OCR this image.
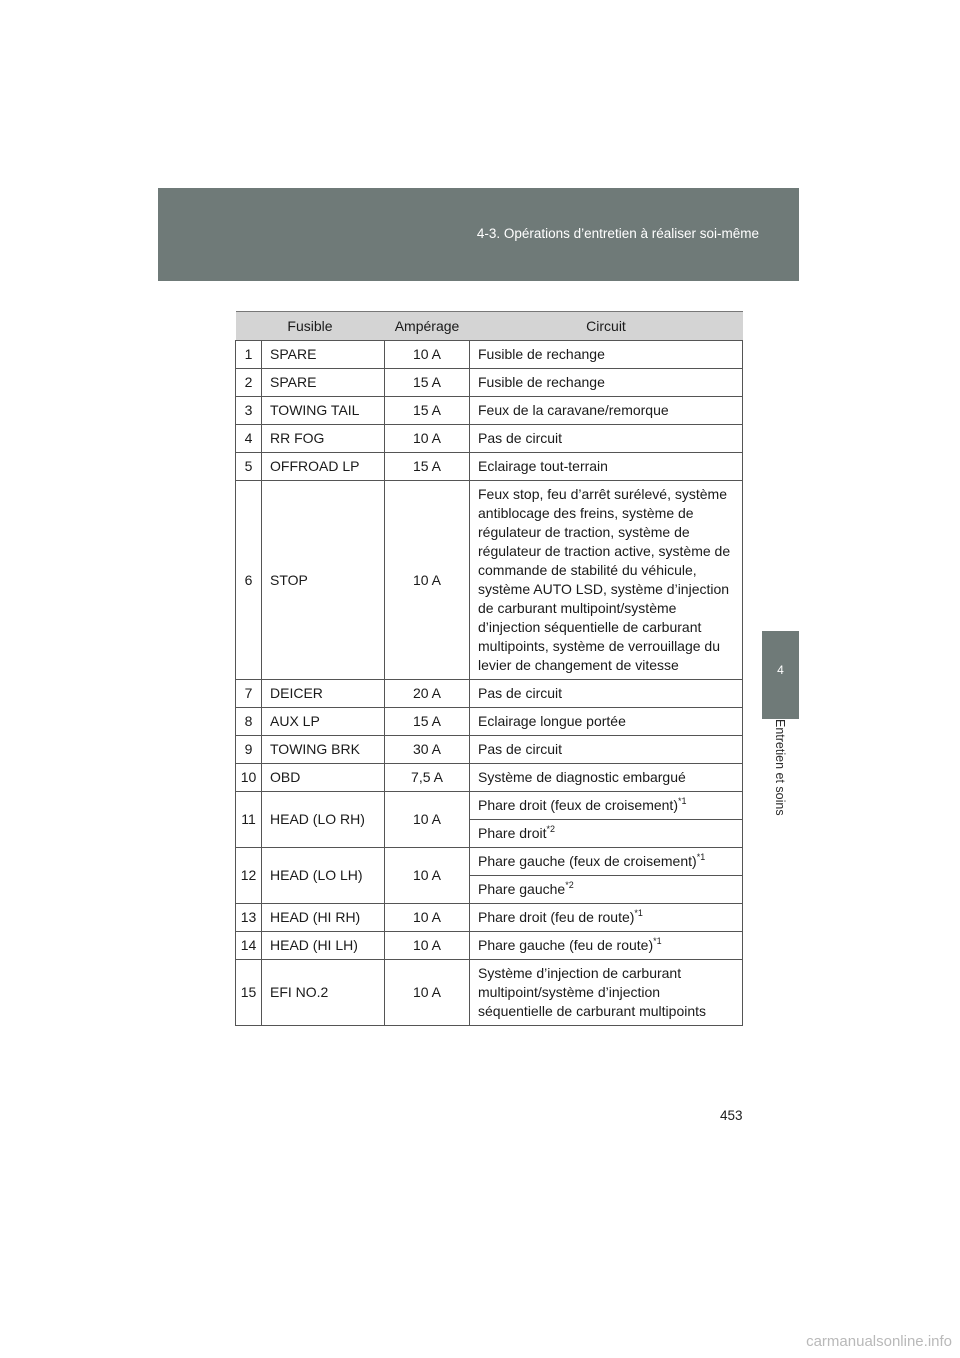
4-3. Opérations d’entretien à réaliser soi-même
4
Entretien et soins
Fusible		Ampérage	Circuit
1	SPARE	10 A	Fusible de rechange
2	SPARE	15 A	Fusible de rechange
3	TOWING TAIL	15 A	Feux de la caravane/remorque
4	RR FOG	10 A	Pas de circuit
5	OFFROAD LP	15 A	Eclairage tout-terrain
6	STOP	10 A	Feux stop, feu d’arrêt surélevé, système antiblocage des freins, système de régulateur de traction, système de régulateur de traction active, système de commande de stabilité du véhicule, système AUTO LSD, système d’injection de carburant multipoint/système d’injection séquentielle de carburant multipoints, système de verrouillage du levier de changement de vitesse
7	DEICER	20 A	Pas de circuit
8	AUX LP	15 A	Eclairage longue portée
9	TOWING BRK	30 A	Pas de circuit
10	OBD	7,5 A	Système de diagnostic embargué
11	HEAD (LO RH)	10 A	Phare droit (feux de croisement)$^{*1}$
			Phare droit$^{*2}$
12	HEAD (LO LH)	10 A	Phare gauche (feux de croisement)$^{*1}$
			Phare gauche$^{*2}$
13	HEAD (HI RH)	10 A	Phare droit (feu de route)$^{*1}$
14	HEAD (HI LH)	10 A	Phare gauche (feu de route)$^{*1}$
15	EFI NO.2	10 A	Système d’injection de carburant multipoint/système d’injection séquentielle de carburant multipoints
453
carmanualsonline.info
